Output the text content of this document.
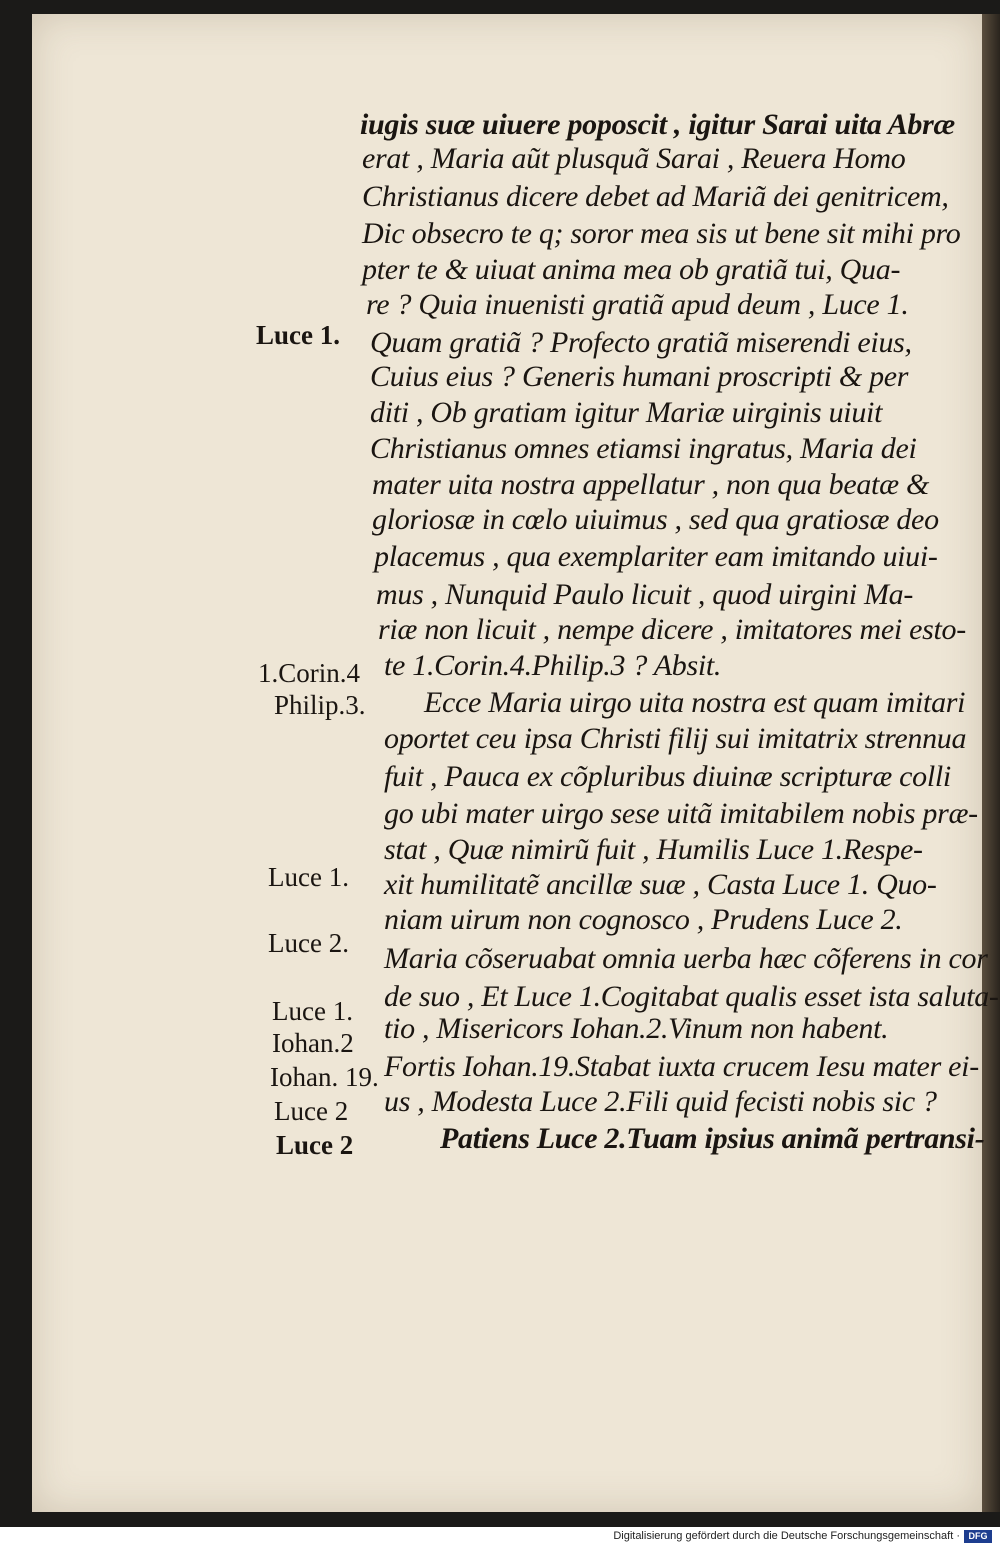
iugis suæ uiuere poposcit , igitur Sarai uita Abræ
erat , Maria aũt plusquã Sarai , Reuera Homo
Christianus dicere debet ad Mariã dei genitricem,
Dic obsecro te q; soror mea sis ut bene sit mihi pro
pter te & uiuat anima mea ob gratiã tui, Qua-
re ? Quia inuenisti gratiã apud deum , Luce 1.
Quam gratiã ? Profecto gratiã miserendi eius,
Cuius eius ? Generis humani proscripti & per
diti , Ob gratiam igitur Mariæ uirginis uiuit
Christianus omnes etiamsi ingratus, Maria dei
mater uita nostra appellatur , non qua beatæ &
gloriosæ in cœlo uiuimus , sed qua gratiosæ deo
placemus , qua exemplariter eam imitando uiui-
mus , Nunquid Paulo licuit , quod uirgini Ma-
riæ non licuit , nempe dicere , imitatores mei esto-
te 1.Corin.4.Philip.3 ? Absit.
Ecce Maria uirgo uita nostra est quam imitari
oportet ceu ipsa Christi filij sui imitatrix strennua
fuit , Pauca ex cõpluribus diuinæ scripturæ colli
go ubi mater uirgo sese uitã imitabilem nobis præ-
stat , Quæ nimirũ fuit , Humilis Luce 1.Respe-
xit humilitatẽ ancillæ suæ , Casta Luce 1. Quo-
niam uirum non cognosco , Prudens Luce 2.
Maria cõseruabat omnia uerba hæc cõferens in cor
de suo , Et Luce 1.Cogitabat qualis esset ista saluta-
tio , Misericors Iohan.2.Vinum non habent.
Fortis Iohan.19.Stabat iuxta crucem Iesu mater ei-
us , Modesta Luce 2.Fili quid fecisti nobis sic ?
Patiens Luce 2.Tuam ipsius animã pertransi-
Luce 1.
1.Corin.4
Philip.3.
Luce 1.
Luce 2.
Luce 1.
Iohan.2
Iohan. 19.
Luce 2
Luce 2
Digitalisierung gefördert durch die Deutsche Forschungsgemeinschaft · DFG
